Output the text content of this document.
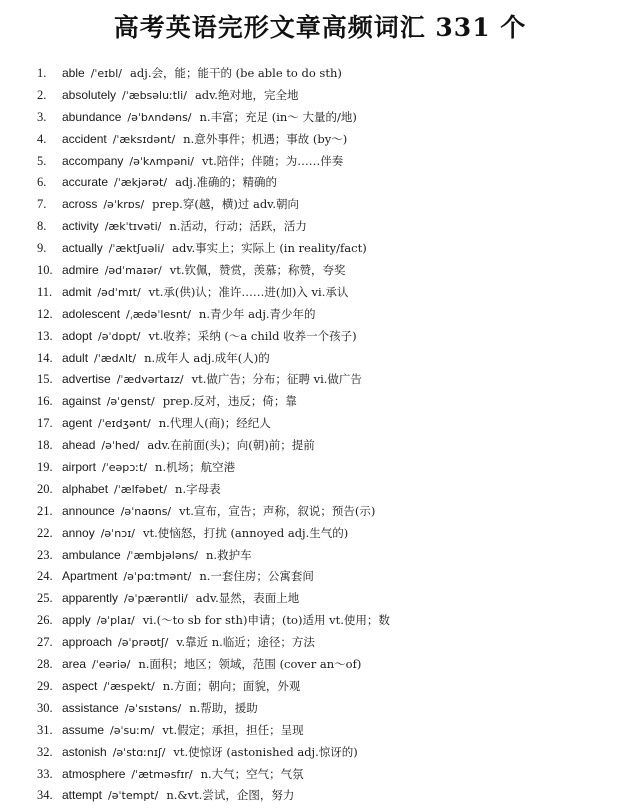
高考英语完形文章高频词汇 331 个
1. able /ˈeɪbl/ adj.会，能；能干的 (be able to do sth)
2. absolutely /ˈæbsəluːtli/ adv.绝对地，完全地
3. abundance /əˈbʌndəns/ n.丰富；充足 (in～ 大量的/地)
4. accident /ˈæksɪdənt/ n.意外事件；机遇；事故 (by～)
5. accompany /əˈkʌmpəni/ vt.陪伴；伴随；为……伴奏
6. accurate /ˈækjərət/ adj.准确的；精确的
7. across /əˈkrɒs/ prep.穿(越，横)过 adv.朝向
8. activity /ækˈtɪvəti/ n.活动，行动；活跃，活力
9. actually /ˈæktʃuəli/ adv.事实上；实际上 (in reality/fact)
10. admire /ədˈmaɪər/ vt.钦佩，赞赏，羡慕；称赞，夸奖
11. admit /ədˈmɪt/ vt.承(供)认；准许……进(加)入 vi.承认
12. adolescent /ˌædəˈlesnt/ n.青少年 adj.青少年的
13. adopt /əˈdɒpt/ vt.收养；采纳 (～a child 收养一个孩子)
14. adult /ˈædʌlt/ n.成年人 adj.成年(人)的
15. advertise /ˈædvərtaɪz/ vt.做广告；分布；征聘 vi.做广告
16. against /əˈgenst/ prep.反对，违反；倚；靠
17. agent /ˈeɪdʒənt/ n.代理人(商)；经纪人
18. ahead /əˈhed/ adv.在前面(头)；向(朝)前；提前
19. airport /ˈeəpɔːt/ n.机场；航空港
20. alphabet /ˈælfəbet/ n.字母表
21. announce /əˈnaʊns/ vt.宣布，宣告；声称，叙说；预告(示)
22. annoy /əˈnɔɪ/ vt.使恼怒，打扰 (annoyed adj.生气的)
23. ambulance /ˈæmbjələns/ n.救护车
24. Apartment /əˈpɑːtmənt/ n.一套住房；公寓套间
25. apparently /əˈpærəntli/ adv.显然，表面上地
26. apply /əˈplaɪ/ vi.(～to sb for sth)申请；(to)适用 vt.使用；数
27. approach /əˈprəʊtʃ/ v.靠近 n.临近；途径；方法
28. area /ˈeəriə/ n.面积；地区；领域，范围 (cover an～of)
29. aspect /ˈæspekt/ n.方面；朝向；面貌，外观
30. assistance /əˈsɪstəns/ n.帮助，援助
31. assume /əˈsuːm/ vt.假定；承担，担任；呈现
32. astonish /əˈstɑːnɪʃ/ vt.使惊讶 (astonished adj.惊讶的)
33. atmosphere /ˈætməsfɪr/ n.大气；空气；气氛
34. attempt /əˈtempt/ n.&vt.尝试，企图，努力
